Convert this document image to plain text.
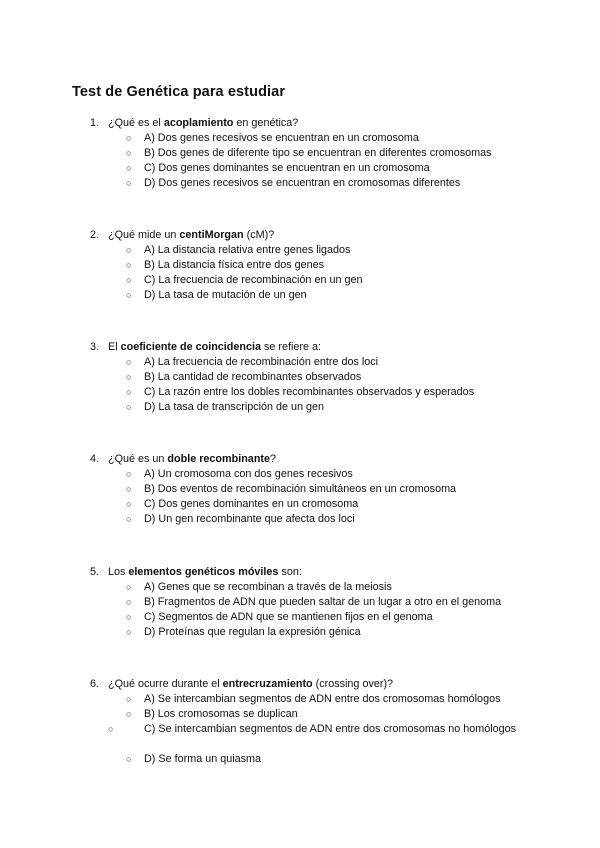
Test de Genética para estudiar
1. ¿Qué es el acoplamiento en genética?
○ A) Dos genes recesivos se encuentran en un cromosoma
○ B) Dos genes de diferente tipo se encuentran en diferentes cromosomas
○ C) Dos genes dominantes se encuentran en un cromosoma
○ D) Dos genes recesivos se encuentran en cromosomas diferentes
2. ¿Qué mide un centiMorgan (cM)?
○ A) La distancia relativa entre genes ligados
○ B) La distancia física entre dos genes
○ C) La frecuencia de recombinación en un gen
○ D) La tasa de mutación de un gen
3. El coeficiente de coincidencia se refiere a:
○ A) La frecuencia de recombinación entre dos loci
○ B) La cantidad de recombinantes observados
○ C) La razón entre los dobles recombinantes observados y esperados
○ D) La tasa de transcripción de un gen
4. ¿Qué es un doble recombinante?
○ A) Un cromosoma con dos genes recesivos
○ B) Dos eventos de recombinación simultáneos en un cromosoma
○ C) Dos genes dominantes en un cromosoma
○ D) Un gen recombinante que afecta dos loci
5. Los elementos genéticos móviles son:
○ A) Genes que se recombinan a través de la meiosis
○ B) Fragmentos de ADN que pueden saltar de un lugar a otro en el genoma
○ C) Segmentos de ADN que se mantienen fijos en el genoma
○ D) Proteínas que regulan la expresión génica
6. ¿Qué ocurre durante el entrecruzamiento (crossing over)?
○ A) Se intercambian segmentos de ADN entre dos cromosomas homólogos
○ B) Los cromosomas se duplican
○	C) Se intercambian segmentos de ADN entre dos cromosomas no homólogos
○ D) Se forma un quiasma
